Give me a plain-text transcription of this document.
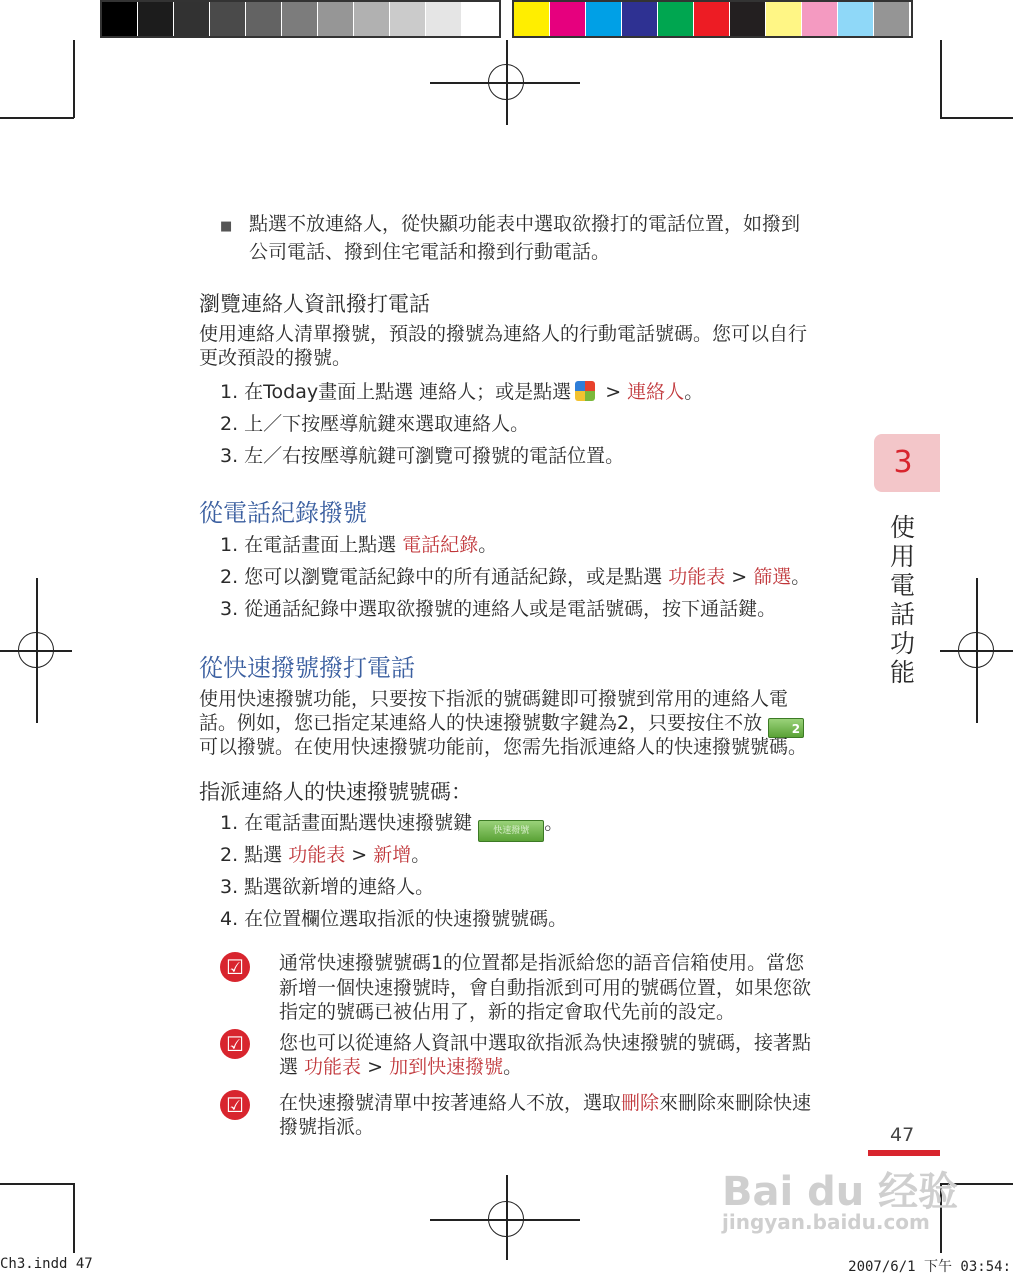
■ 點選不放連絡人，從快顯功能表中選取欲撥打的電話位置，如撥到
公司電話、撥到住宅電話和撥到行動電話。
瀏覽連絡人資訊撥打電話
使用連絡人清單撥號，預設的撥號為連絡人的行動電話號碼。您可以自行
更改預設的撥號。
1. 在Today畫面上點選 連絡人；或是點選 > 連絡人。
2. 上／下按壓導航鍵來選取連絡人。
3. 左／右按壓導航鍵可瀏覽可撥號的電話位置。
從電話紀錄撥號
1. 在電話畫面上點選 電話紀錄。
2. 您可以瀏覽電話紀錄中的所有通話紀錄，或是點選 功能表 > 篩選。
3. 從通話紀錄中選取欲撥號的連絡人或是電話號碼，按下通話鍵。
從快速撥號撥打電話
使用快速撥號功能，只要按下指派的號碼鍵即可撥號到常用的連絡人電
話。例如，您已指定某連絡人的快速撥號數字鍵為2，只要按住不放 2
可以撥號。在使用快速撥號功能前，您需先指派連絡人的快速撥號號碼。
指派連絡人的快速撥號號碼：
1. 在電話畫面點選快速撥號鍵 快速撥號 。
2. 點選 功能表 > 新增。
3. 點選欲新增的連絡人。
4. 在位置欄位選取指派的快速撥號號碼。
☑	通常快速撥號號碼1的位置都是指派給您的語音信箱使用。當您
新增一個快速撥號時，會自動指派到可用的號碼位置，如果您欲
指定的號碼已被佔用了，新的指定會取代先前的設定。
☑	您也可以從連絡人資訊中選取欲指派為快速撥號的號碼，接著點
選 功能表 > 加到快速撥號。
☑	在快速撥號清單中按著連絡人不放，選取刪除來刪除來刪除快速
撥號指派。
3
使
用
電
話
功
能
47
Bai du 经验
jingyan.baidu.com
Ch3.indd 47	2007/6/1 下午 03:54:
